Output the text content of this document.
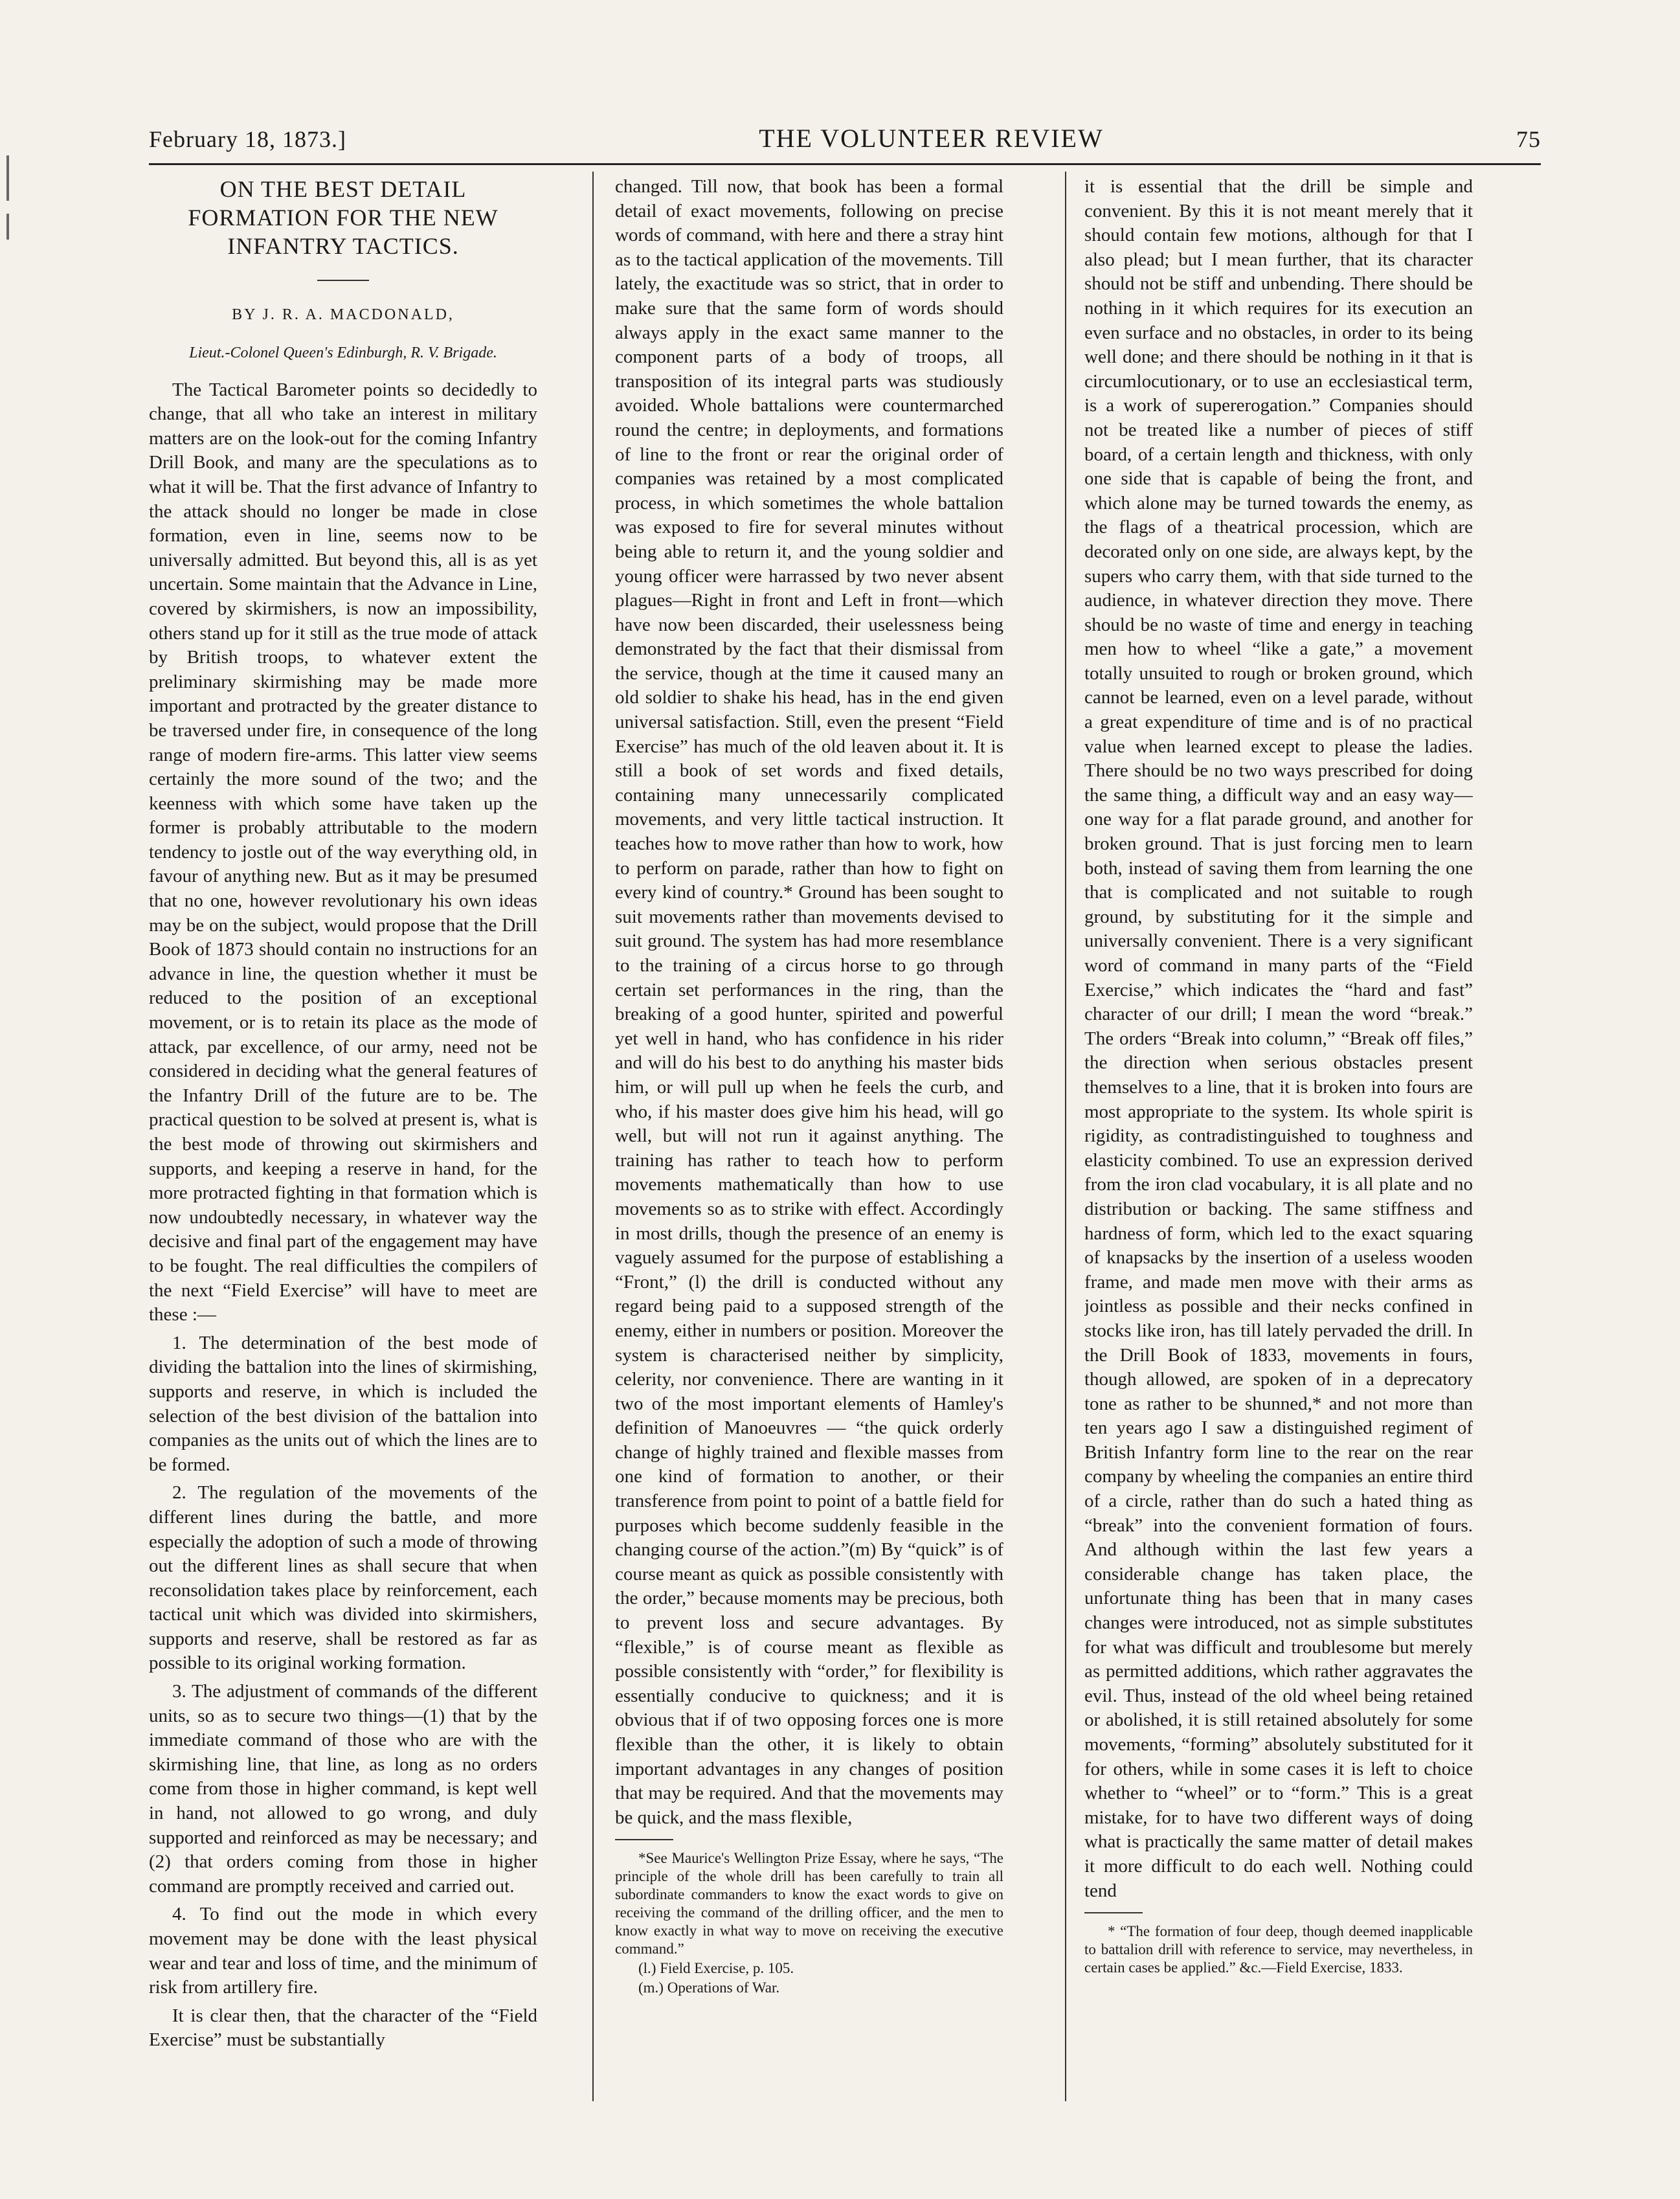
February 18, 1873.]	THE VOLUNTEER REVIEW	75
ON THE BEST DETAIL FORMATION FOR THE NEW INFANTRY TACTICS.
BY J. R. A. MACDONALD,
Lieut.-Colonel Queen's Edinburgh, R. V. Brigade.

The Tactical Barometer points so decidedly to change, that all who take an interest in military matters are on the look-out for the coming Infantry Drill Book, and many are the speculations as to what it will be. That the first advance of Infantry to the attack should no longer be made in close formation, even in line, seems now to be universally admitted. But beyond this, all is as yet uncertain. Some maintain that the Advance in Line, covered by skirmishers, is now an impossibility, others stand up for it still as the true mode of attack by British troops, to whatever extent the preliminary skirmishing may be made more important and protracted by the greater distance to be traversed under fire, in consequence of the long range of modern fire-arms. This latter view seems certainly the more sound of the two; and the keenness with which some have taken up the former is probably attributable to the modern tendency to jostle out of the way everything old, in favour of anything new. But as it may be presumed that no one, however revolutionary his own ideas may be on the subject, would propose that the Drill Book of 1873 should contain no instructions for an advance in line, the question whether it must be reduced to the position of an exceptional movement, or is to retain its place as the mode of attack, par excellence, of our army, need not be considered in deciding what the general features of the Infantry Drill of the future are to be. The practical question to be solved at present is, what is the best mode of throwing out skirmishers and supports, and keeping a reserve in hand, for the more protracted fighting in that formation which is now undoubtedly necessary, in whatever way the decisive and final part of the engagement may have to be fought. The real difficulties the compilers of the next “Field Exercise” will have to meet are these :—

1. The determination of the best mode of dividing the battalion into the lines of skirmishing, supports and reserve, in which is included the selection of the best division of the battalion into companies as the units out of which the lines are to be formed.

2. The regulation of the movements of the different lines during the battle, and more especially the adoption of such a mode of throwing out the different lines as shall secure that when reconsolidation takes place by reinforcement, each tactical unit which was divided into skirmishers, supports and reserve, shall be restored as far as possible to its original working formation.

3. The adjustment of commands of the different units, so as to secure two things—(1) that by the immediate command of those who are with the skirmishing line, that line, as long as no orders come from those in higher command, is kept well in hand, not allowed to go wrong, and duly supported and reinforced as may be necessary; and (2) that orders coming from those in higher command are promptly received and carried out.

4. To find out the mode in which every movement may be done with the least physical wear and tear and loss of time, and the minimum of risk from artillery fire.

It is clear then, that the character of the “Field Exercise” must be substantially

changed. Till now, that book has been a formal detail of exact movements, following on precise words of command, with here and there a stray hint as to the tactical application of the movements. Till lately, the exactitude was so strict, that in order to make sure that the same form of words should always apply in the exact same manner to the component parts of a body of troops, all transposition of its integral parts was studiously avoided. Whole battalions were countermarched round the centre; in deployments, and formations of line to the front or rear the original order of companies was retained by a most complicated process, in which sometimes the whole battalion was exposed to fire for several minutes without being able to return it, and the young soldier and young officer were harrassed by two never absent plagues—Right in front and Left in front—which have now been discarded, their uselessness being demonstrated by the fact that their dismissal from the service, though at the time it caused many an old soldier to shake his head, has in the end given universal satisfaction. Still, even the present “Field Exercise” has much of the old leaven about it. It is still a book of set words and fixed details, containing many unnecessarily complicated movements, and very little tactical instruction. It teaches how to move rather than how to work, how to perform on parade, rather than how to fight on every kind of country.* Ground has been sought to suit movements rather than movements devised to suit ground. The system has had more resemblance to the training of a circus horse to go through certain set performances in the ring, than the breaking of a good hunter, spirited and powerful yet well in hand, who has confidence in his rider and will do his best to do anything his master bids him, or will pull up when he feels the curb, and who, if his master does give him his head, will go well, but will not run it against anything. The training has rather to teach how to perform movements mathematically than how to use movements so as to strike with effect. Accordingly in most drills, though the presence of an enemy is vaguely assumed for the purpose of establishing a “Front,” (l) the drill is conducted without any regard being paid to a supposed strength of the enemy, either in numbers or position. Moreover the system is characterised neither by simplicity, celerity, nor convenience. There are wanting in it two of the most important elements of Hamley's definition of Manoeuvres — “the quick orderly change of highly trained and flexible masses from one kind of formation to another, or their transference from point to point of a battle field for purposes which become suddenly feasible in the changing course of the action.”(m) By “quick” is of course meant as quick as possible consistently with the order,” because moments may be precious, both to prevent loss and secure advantages. By “flexible,” is of course meant as flexible as possible consistently with “order,” for flexibility is essentially conducive to quickness; and it is obvious that if of two opposing forces one is more flexible than the other, it is likely to obtain important advantages in any changes of position that may be required. And that the movements may be quick, and the mass flexible,

*See Maurice's Wellington Prize Essay, where he says, “The principle of the whole drill has been carefully to train all subordinate commanders to know the exact words to give on receiving the command of the drilling officer, and the men to know exactly in what way to move on receiving the executive command.”

(l.) Field Exercise, p. 105.

(m.) Operations of War.

it is essential that the drill be simple and convenient. By this it is not meant merely that it should contain few motions, although for that I also plead; but I mean further, that its character should not be stiff and unbending. There should be nothing in it which requires for its execution an even surface and no obstacles, in order to its being well done; and there should be nothing in it that is circumlocutionary, or to use an ecclesiastical term, is a work of supererogation.” Companies should not be treated like a number of pieces of stiff board, of a certain length and thickness, with only one side that is capable of being the front, and which alone may be turned towards the enemy, as the flags of a theatrical procession, which are decorated only on one side, are always kept, by the supers who carry them, with that side turned to the audience, in whatever direction they move. There should be no waste of time and energy in teaching men how to wheel “like a gate,” a movement totally unsuited to rough or broken ground, which cannot be learned, even on a level parade, without a great expenditure of time and is of no practical value when learned except to please the ladies. There should be no two ways prescribed for doing the same thing, a difficult way and an easy way—one way for a flat parade ground, and another for broken ground. That is just forcing men to learn both, instead of saving them from learning the one that is complicated and not suitable to rough ground, by substituting for it the simple and universally convenient. There is a very significant word of command in many parts of the “Field Exercise,” which indicates the “hard and fast” character of our drill; I mean the word “break.” The orders “Break into column,” “Break off files,” the direction when serious obstacles present themselves to a line, that it is broken into fours are most appropriate to the system. Its whole spirit is rigidity, as contradistinguished to toughness and elasticity combined. To use an expression derived from the iron clad vocabulary, it is all plate and no distribution or backing. The same stiffness and hardness of form, which led to the exact squaring of knapsacks by the insertion of a useless wooden frame, and made men move with their arms as jointless as possible and their necks confined in stocks like iron, has till lately pervaded the drill. In the Drill Book of 1833, movements in fours, though allowed, are spoken of in a deprecatory tone as rather to be shunned,* and not more than ten years ago I saw a distinguished regiment of British Infantry form line to the rear on the rear company by wheeling the companies an entire third of a circle, rather than do such a hated thing as “break” into the convenient formation of fours. And although within the last few years a considerable change has taken place, the unfortunate thing has been that in many cases changes were introduced, not as simple substitutes for what was difficult and troublesome but merely as permitted additions, which rather aggravates the evil. Thus, instead of the old wheel being retained or abolished, it is still retained absolutely for some movements, “forming” absolutely substituted for it for others, while in some cases it is left to choice whether to “wheel” or to “form.” This is a great mistake, for to have two different ways of doing what is practically the same matter of detail makes it more difficult to do each well. Nothing could tend

* “The formation of four deep, though deemed inapplicable to battalion drill with reference to service, may nevertheless, in certain cases be applied.” &c.—Field Exercise, 1833.
